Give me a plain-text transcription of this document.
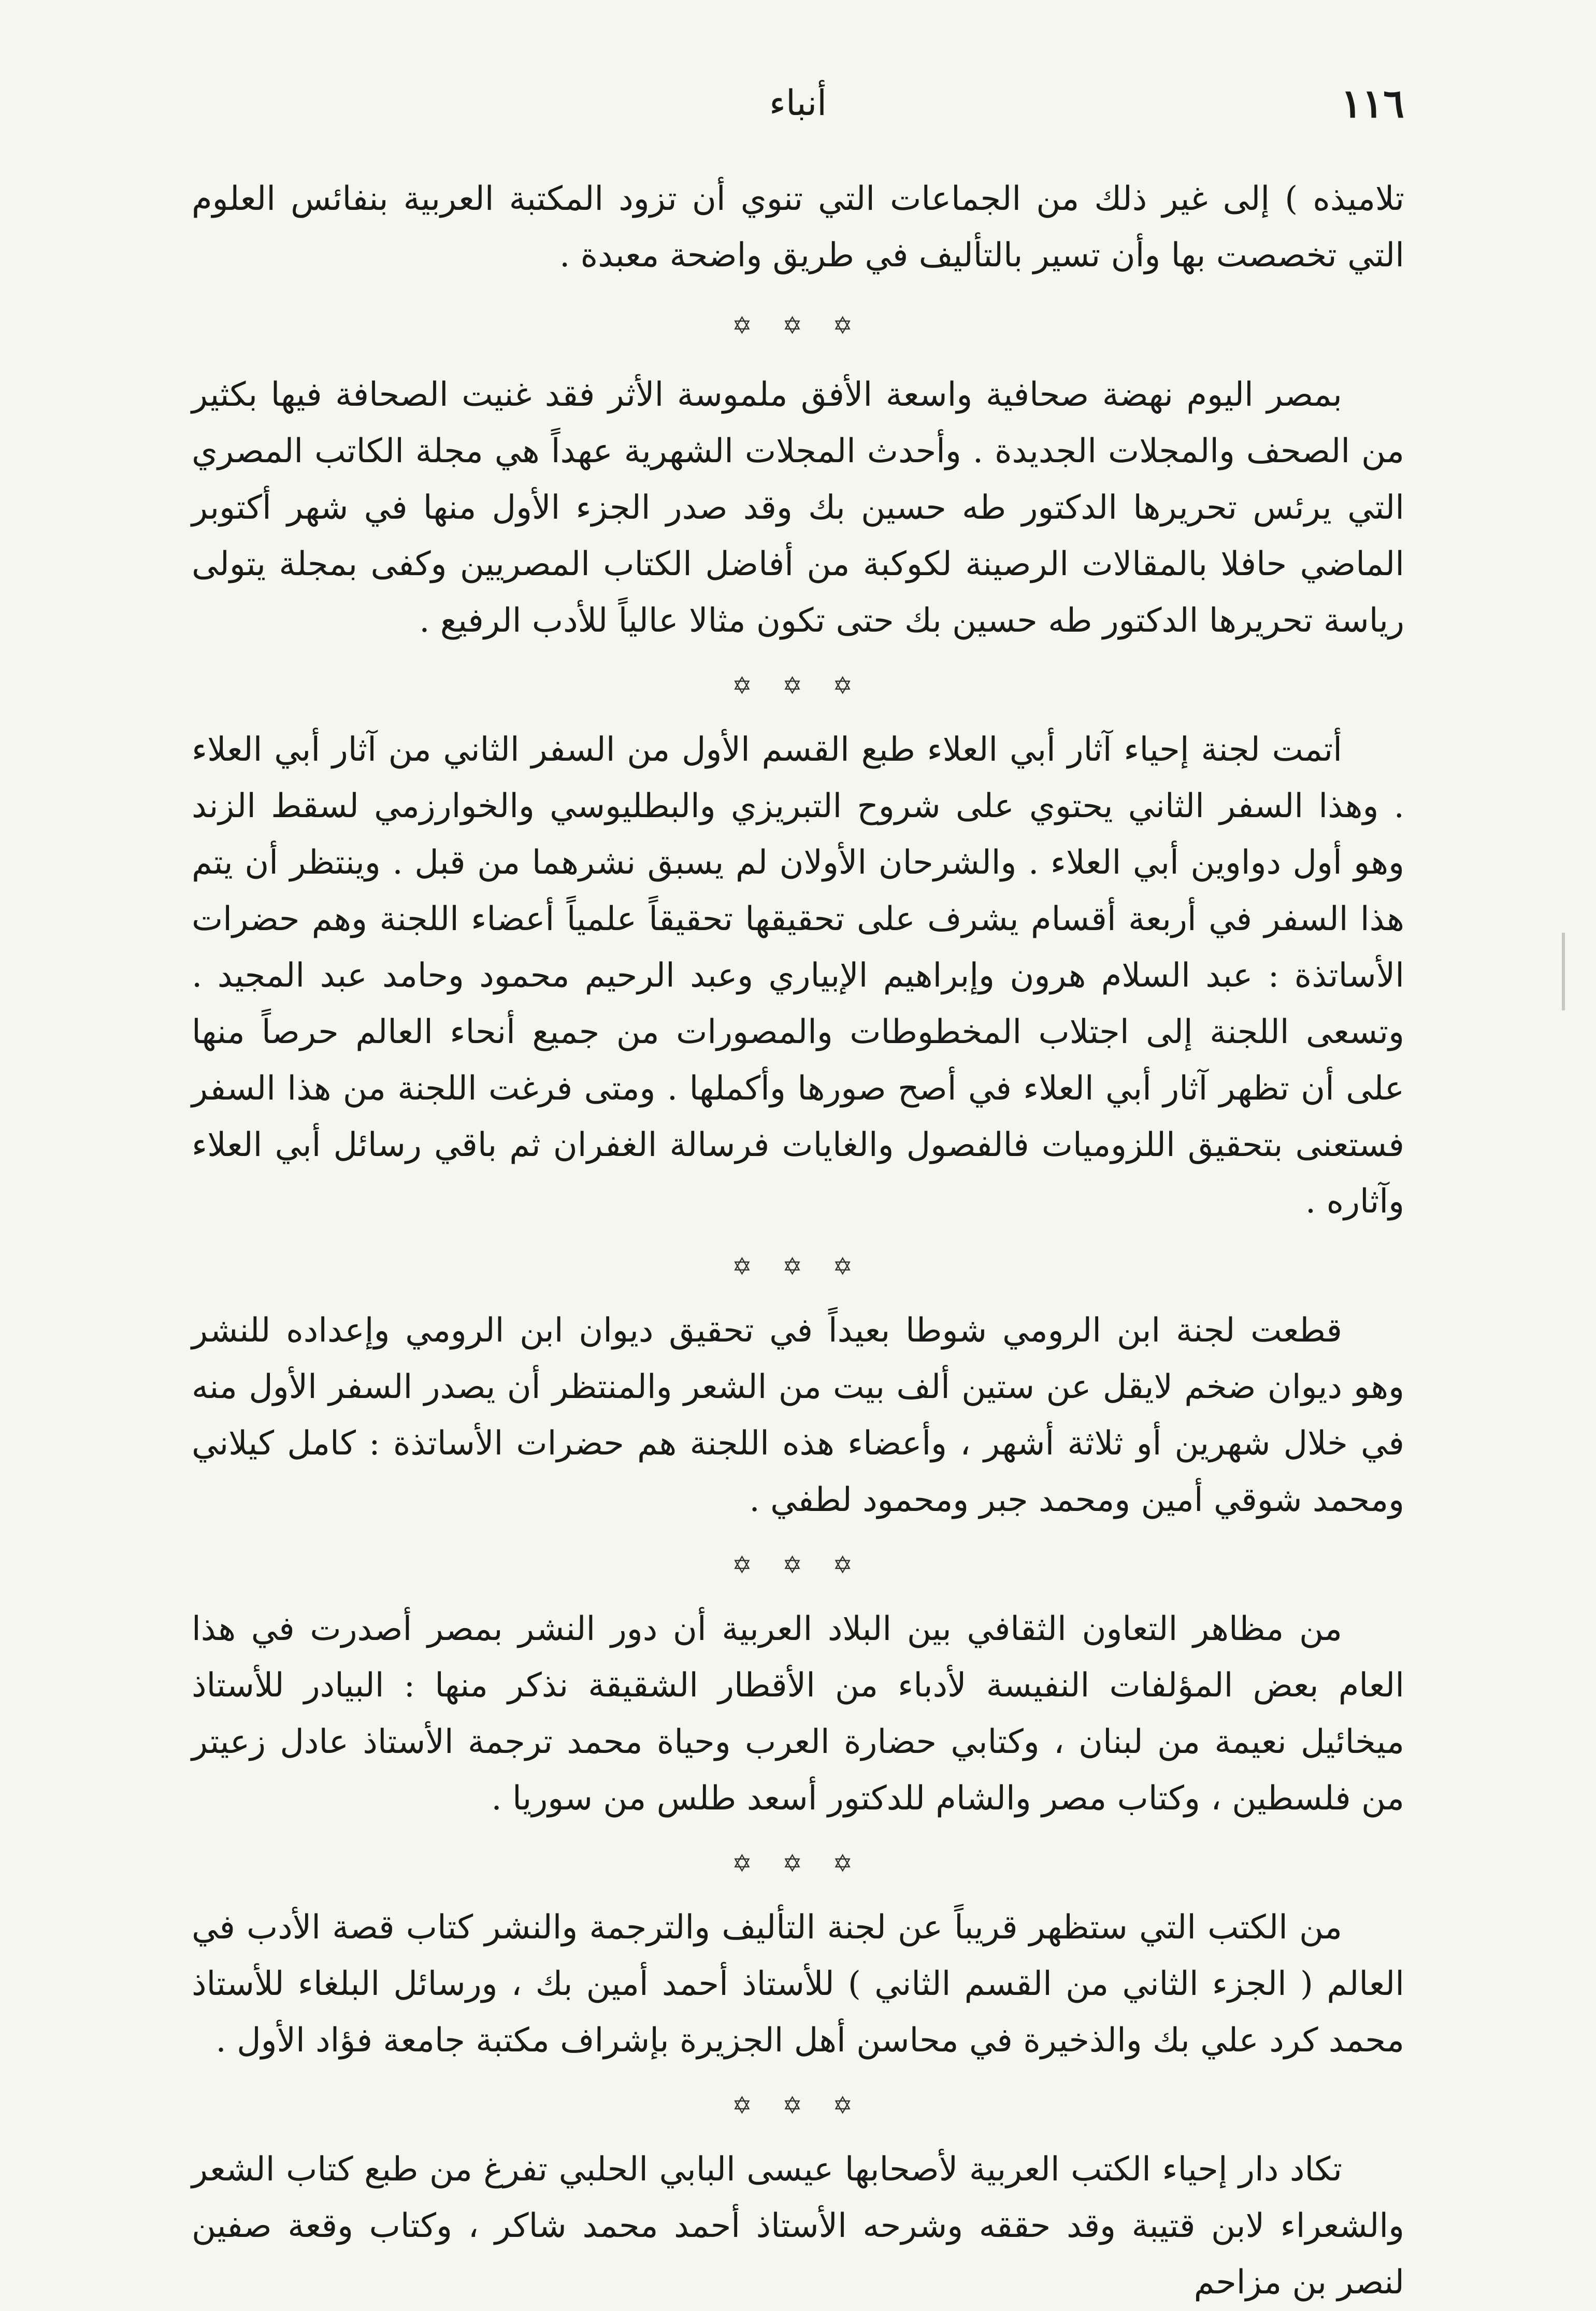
١١٦
أنباء

تلاميذه ) إلى غير ذلك من الجماعات التي تنوي أن تزود المكتبة العربية بنفائس العلوم التي تخصصت بها وأن تسير بالتأليف في طريق واضحة معبدة .

✡ ✡ ✡

بمصر اليوم نهضة صحافية واسعة الأفق ملموسة الأثر فقد غنيت الصحافة فيها بكثير من الصحف والمجلات الجديدة . وأحدث المجلات الشهرية عهداً هي مجلة الكاتب المصري التي يرئس تحريرها الدكتور طه حسين بك وقد صدر الجزء الأول منها في شهر أكتوبر الماضي حافلا بالمقالات الرصينة لكوكبة من أفاضل الكتاب المصريين وكفى بمجلة يتولى رياسة تحريرها الدكتور طه حسين بك حتى تكون مثالا عالياً للأدب الرفيع .

✡ ✡ ✡

أتمت لجنة إحياء آثار أبي العلاء طبع القسم الأول من السفر الثاني من آثار أبي العلاء . وهذا السفر الثاني يحتوي على شروح التبريزي والبطليوسي والخوارزمي لسقط الزند وهو أول دواوين أبي العلاء . والشرحان الأولان لم يسبق نشرهما من قبل . وينتظر أن يتم هذا السفر في أربعة أقسام يشرف على تحقيقها تحقيقاً علمياً أعضاء اللجنة وهم حضرات الأساتذة : عبد السلام هرون وإبراهيم الإبياري وعبد الرحيم محمود وحامد عبد المجيد . وتسعى اللجنة إلى اجتلاب المخطوطات والمصورات من جميع أنحاء العالم حرصاً منها على أن تظهر آثار أبي العلاء في أصح صورها وأكملها . ومتى فرغت اللجنة من هذا السفر فستعنى بتحقيق اللزوميات فالفصول والغايات فرسالة الغفران ثم باقي رسائل أبي العلاء وآثاره .

✡ ✡ ✡

قطعت لجنة ابن الرومي شوطا بعيداً في تحقيق ديوان ابن الرومي وإعداده للنشر وهو ديوان ضخم لايقل عن ستين ألف بيت من الشعر والمنتظر أن يصدر السفر الأول منه في خلال شهرين أو ثلاثة أشهر ، وأعضاء هذه اللجنة هم حضرات الأساتذة : كامل كيلاني ومحمد شوقي أمين ومحمد جبر ومحمود لطفي .

✡ ✡ ✡

من مظاهر التعاون الثقافي بين البلاد العربية أن دور النشر بمصر أصدرت في هذا العام بعض المؤلفات النفيسة لأدباء من الأقطار الشقيقة نذكر منها : البيادر للأستاذ ميخائيل نعيمة من لبنان ، وكتابي حضارة العرب وحياة محمد ترجمة الأستاذ عادل زعيتر من فلسطين ، وكتاب مصر والشام للدكتور أسعد طلس من سوريا .

✡ ✡ ✡

من الكتب التي ستظهر قريباً عن لجنة التأليف والترجمة والنشر كتاب قصة الأدب في العالم ( الجزء الثاني من القسم الثاني ) للأستاذ أحمد أمين بك ، ورسائل البلغاء للأستاذ محمد كرد علي بك والذخيرة في محاسن أهل الجزيرة بإشراف مكتبة جامعة فؤاد الأول .

✡ ✡ ✡

تكاد دار إحياء الكتب العربية لأصحابها عيسى البابي الحلبي تفرغ من طبع كتاب الشعر والشعراء لابن قتيبة وقد حققه وشرحه الأستاذ أحمد محمد شاكر ، وكتاب وقعة صفين لنصر بن مزاحم
